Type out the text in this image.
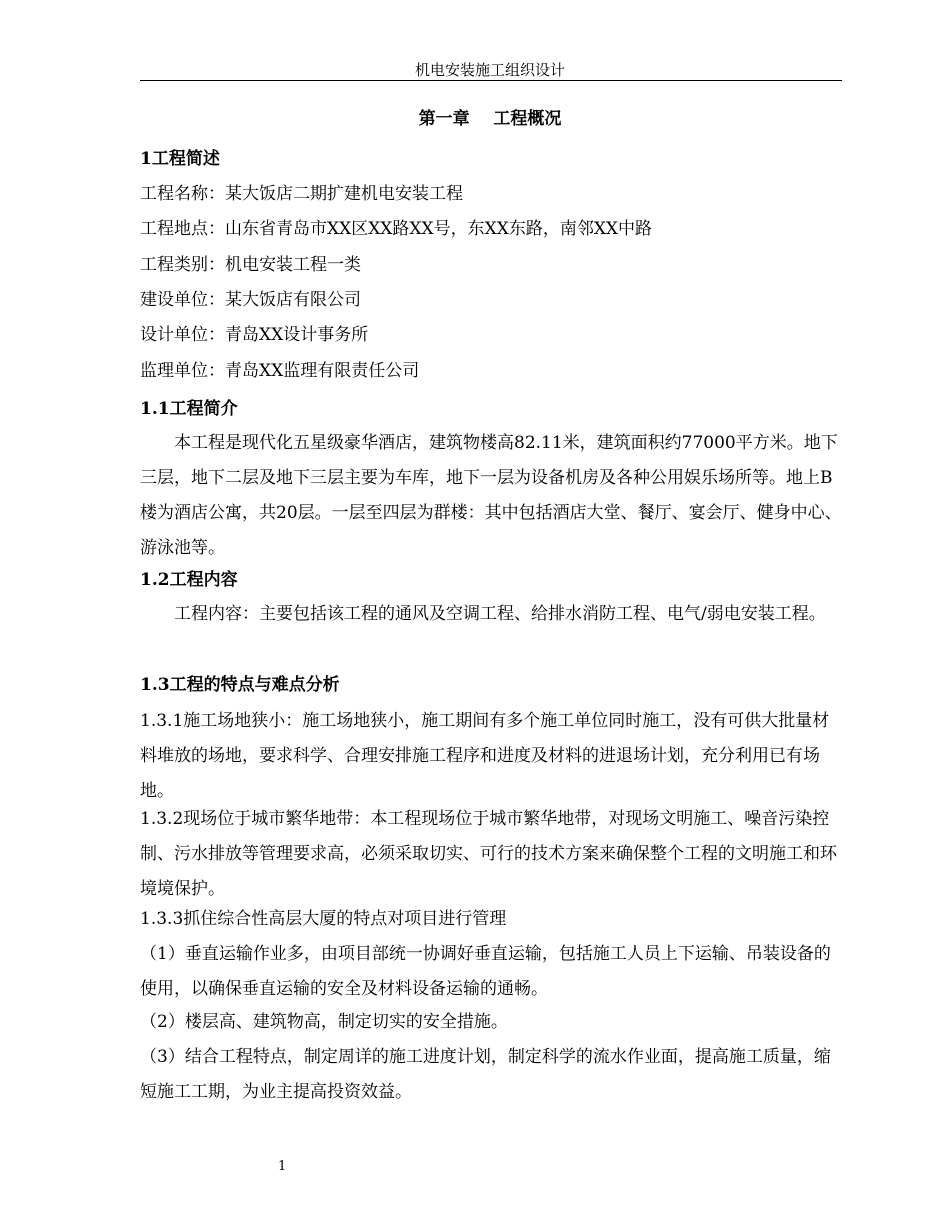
机电安装施工组织设计
第一章    工程概况
1工程简述
工程名称：某大饭店二期扩建机电安装工程
工程地点：山东省青岛市XX区XX路XX号，东XX东路，南邻XX中路
工程类别：机电安装工程一类
建设单位：某大饭店有限公司
设计单位：青岛XX设计事务所
监理单位：青岛XX监理有限责任公司
1.1工程简介
本工程是现代化五星级豪华酒店，建筑物楼高82.11米，建筑面积约77000平方米。地下三层，地下二层及地下三层主要为车库，地下一层为设备机房及各种公用娱乐场所等。地上B楼为酒店公寓，共20层。一层至四层为群楼：其中包括酒店大堂、餐厅、宴会厅、健身中心、游泳池等。
1.2工程内容
工程内容：主要包括该工程的通风及空调工程、给排水消防工程、电气/弱电安装工程。
1.3工程的特点与难点分析
1.3.1施工场地狭小：施工场地狭小，施工期间有多个施工单位同时施工，没有可供大批量材料堆放的场地，要求科学、合理安排施工程序和进度及材料的进退场计划，充分利用已有场地。
1.3.2现场位于城市繁华地带：本工程现场位于城市繁华地带，对现场文明施工、噪音污染控制、污水排放等管理要求高，必须采取切实、可行的技术方案来确保整个工程的文明施工和环境境保护。
1.3.3抓住综合性高层大厦的特点对项目进行管理
（1）垂直运输作业多，由项目部统一协调好垂直运输，包括施工人员上下运输、吊装设备的使用，以确保垂直运输的安全及材料设备运输的通畅。
（2）楼层高、建筑物高，制定切实的安全措施。
（3）结合工程特点，制定周详的施工进度计划，制定科学的流水作业面，提高施工质量，缩短施工工期，为业主提高投资效益。
1
